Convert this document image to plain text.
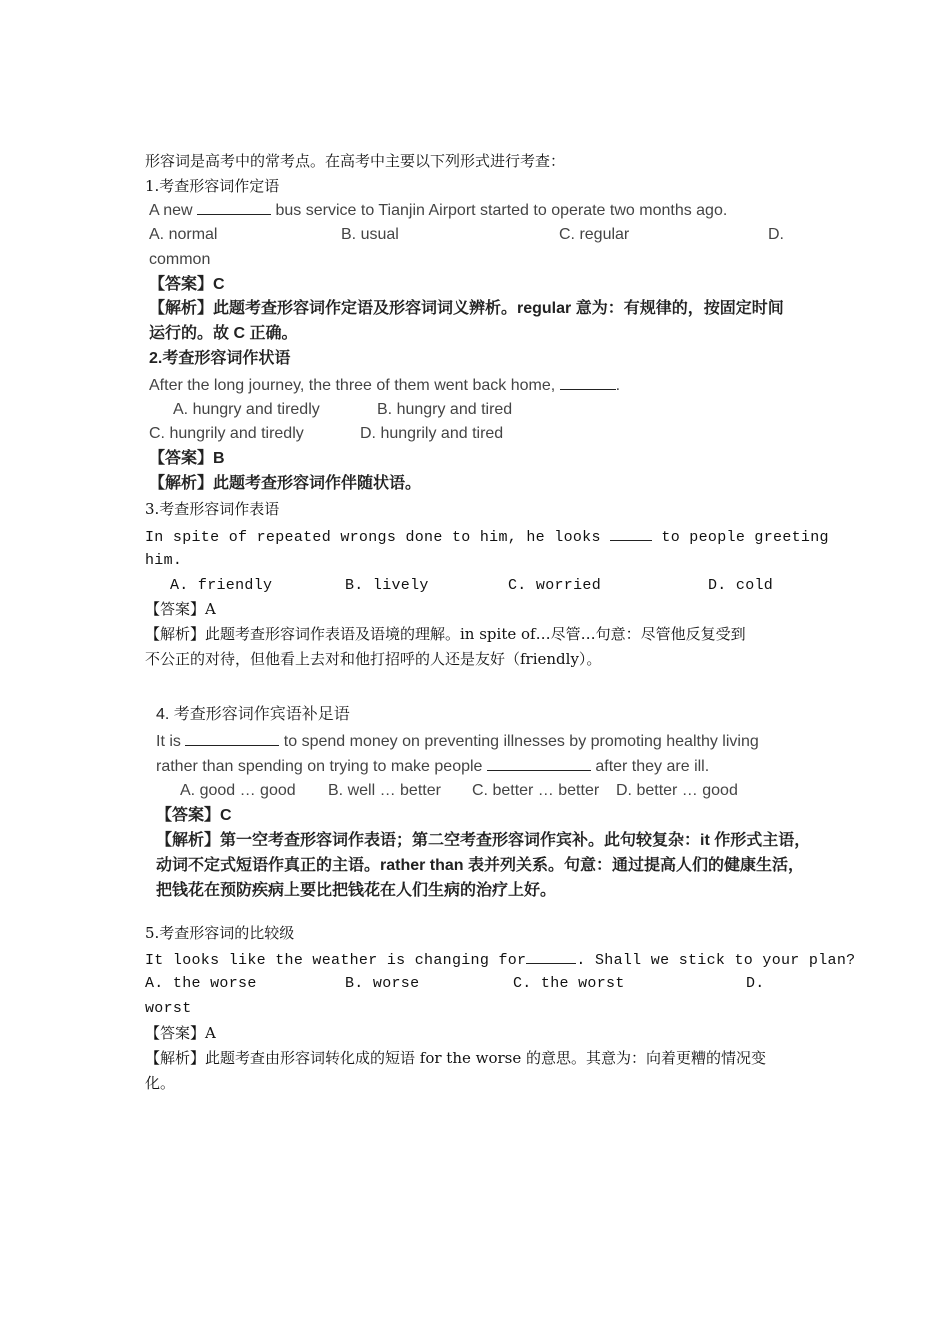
形容词是高考中的常考点。在高考中主要以下列形式进行考查：
1.考查形容词作定语
A new	bus service to Tianjin Airport started to operate two months ago.
A. normal	B. usual	C. regular	D.
common
【答案】C
【解析】此题考查形容词作定语及形容词词义辨析。regular 意为：有规律的，按固定时间
运行的。故 C 正确。
2.考查形容词作状语
After the long journey, the three of them went back home,	.
A. hungry and tiredly	B. hungry and tired
C. hungrily and tiredly	D. hungrily and tired
【答案】B
【解析】此题考查形容词作伴随状语。
3.考查形容词作表语
In spite of repeated wrongs done to him, he looks	to people greeting
him.
A. friendly	B. lively	C. worried	D. cold
【答案】A
【解析】此题考查形容词作表语及语境的理解。in spite of…尽管…句意：尽管他反复受到
不公正的对待，但他看上去对和他打招呼的人还是友好（friendly）。
4. 考查形容词作宾语补足语
It is	to spend money on preventing illnesses by promoting healthy living
rather than spending on trying to make people	after they are ill.
A. good … good B. well … better C. better … better D. better … good
【答案】C
【解析】第一空考查形容词作表语；第二空考查形容词作宾补。此句较复杂：it 作形式主语，
动词不定式短语作真正的主语。rather than 表并列关系。句意：通过提高人们的健康生活，
把钱花在预防疾病上要比把钱花在人们生病的治疗上好。
5.考查形容词的比较级
It looks like the weather is changing for	. Shall we stick to your plan?
A. the worse	B. worse	C. the worst	D.
worst
【答案】A
【解析】此题考查由形容词转化成的短语 for the worse 的意思。其意为：向着更糟的情况变
化。
